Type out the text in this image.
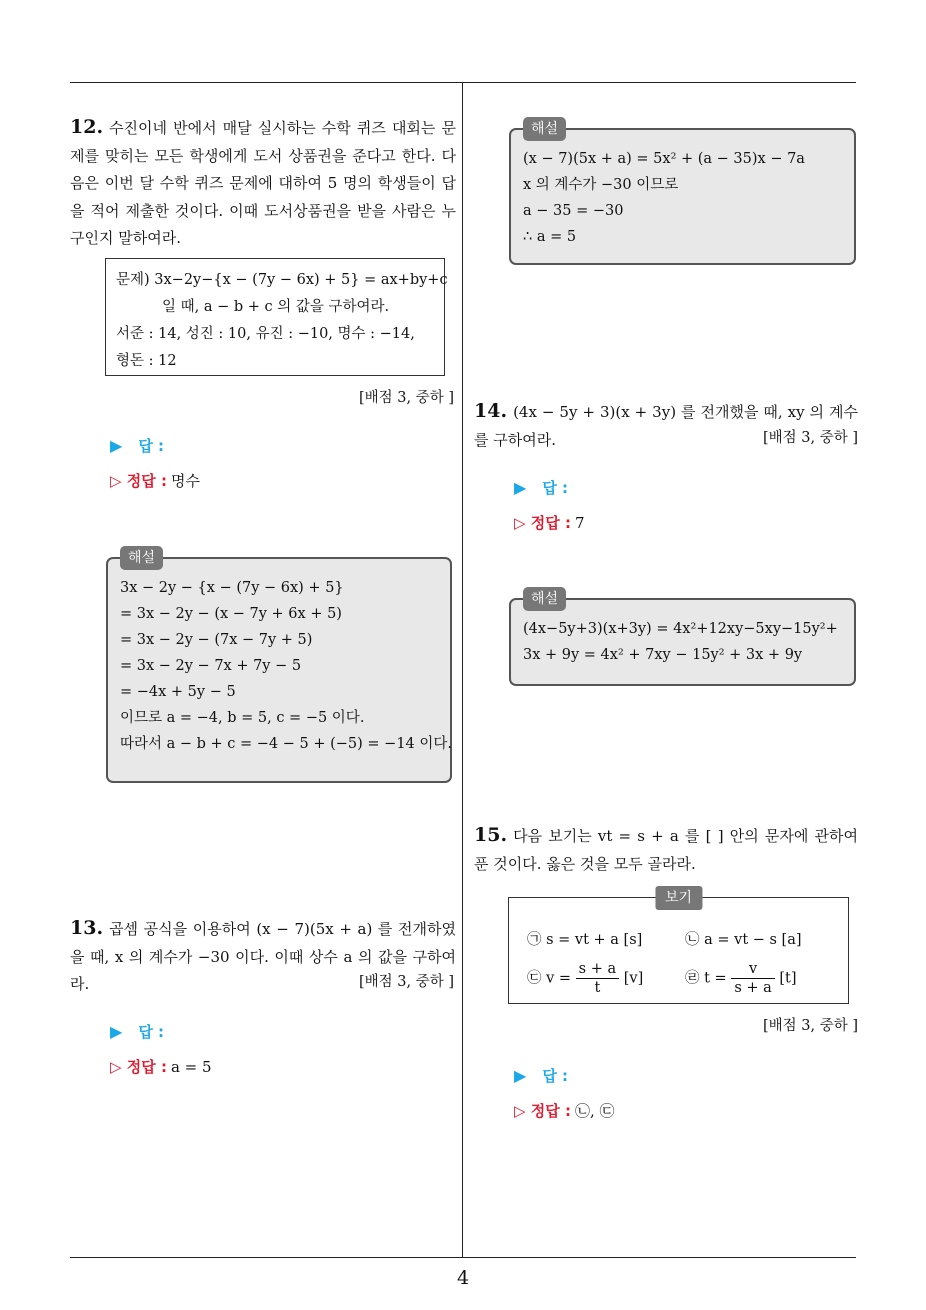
12. 수진이네 반에서 매달 실시하는 수학 퀴즈 대회는 문제를 맞히는 모든 학생에게 도서 상품권을 준다고 한다. 다음은 이번 달 수학 퀴즈 문제에 대하여 5 명의 학생들이 답을 적어 제출한 것이다. 이때 도서상품권을 받을 사람은 누구인지 말하여라.
문제) 3x−2y−{x − (7y − 6x) + 5} = ax+by+c
일 때, a − b + c 의 값을 구하여라.
서준 : 14, 성진 : 10, 유진 : −10, 명수 : −14,
형돈 : 12
[배점 3, 중하 ]
▶ 답 :
▷ 정답 : 명수
해설
3x − 2y − {x − (7y − 6x) + 5}
= 3x − 2y − (x − 7y + 6x + 5)
= 3x − 2y − (7x − 7y + 5)
= 3x − 2y − 7x + 7y − 5
= −4x + 5y − 5
이므로 a = −4, b = 5, c = −5 이다.
따라서 a − b + c = −4 − 5 + (−5) = −14 이다.
13. 곱셈 공식을 이용하여 (x − 7)(5x + a) 를 전개하였을 때, x 의 계수가 −30 이다. 이때 상수 a 의 값을 구하여라.	[배점 3, 중하 ]
▶ 답 :
▷ 정답 : a = 5
해설
(x − 7)(5x + a) = 5x² + (a − 35)x − 7a
x 의 계수가 −30 이므로
a − 35 = −30
∴ a = 5
14. (4x − 5y + 3)(x + 3y) 를 전개했을 때, xy 의 계수를 구하여라.	[배점 3, 중하 ]
▶ 답 :
▷ 정답 : 7
해설
(4x−5y+3)(x+3y) = 4x²+12xy−5xy−15y²+
3x + 9y = 4x² + 7xy − 15y² + 3x + 9y
15. 다음 보기는 vt = s + a 를 [ ] 안의 문자에 관하여 푼 것이다. 옳은 것을 모두 골라라.
보기
㉠ s = vt + a [s]	㉡ a = vt − s [a]
㉢ $v = \frac{s + a}{t} [v]$	㉣ $t = \frac{v}{s + a} [t]$
[배점 3, 중하 ]
▶ 답 :
▷ 정답 : ㉡, ㉢
4
